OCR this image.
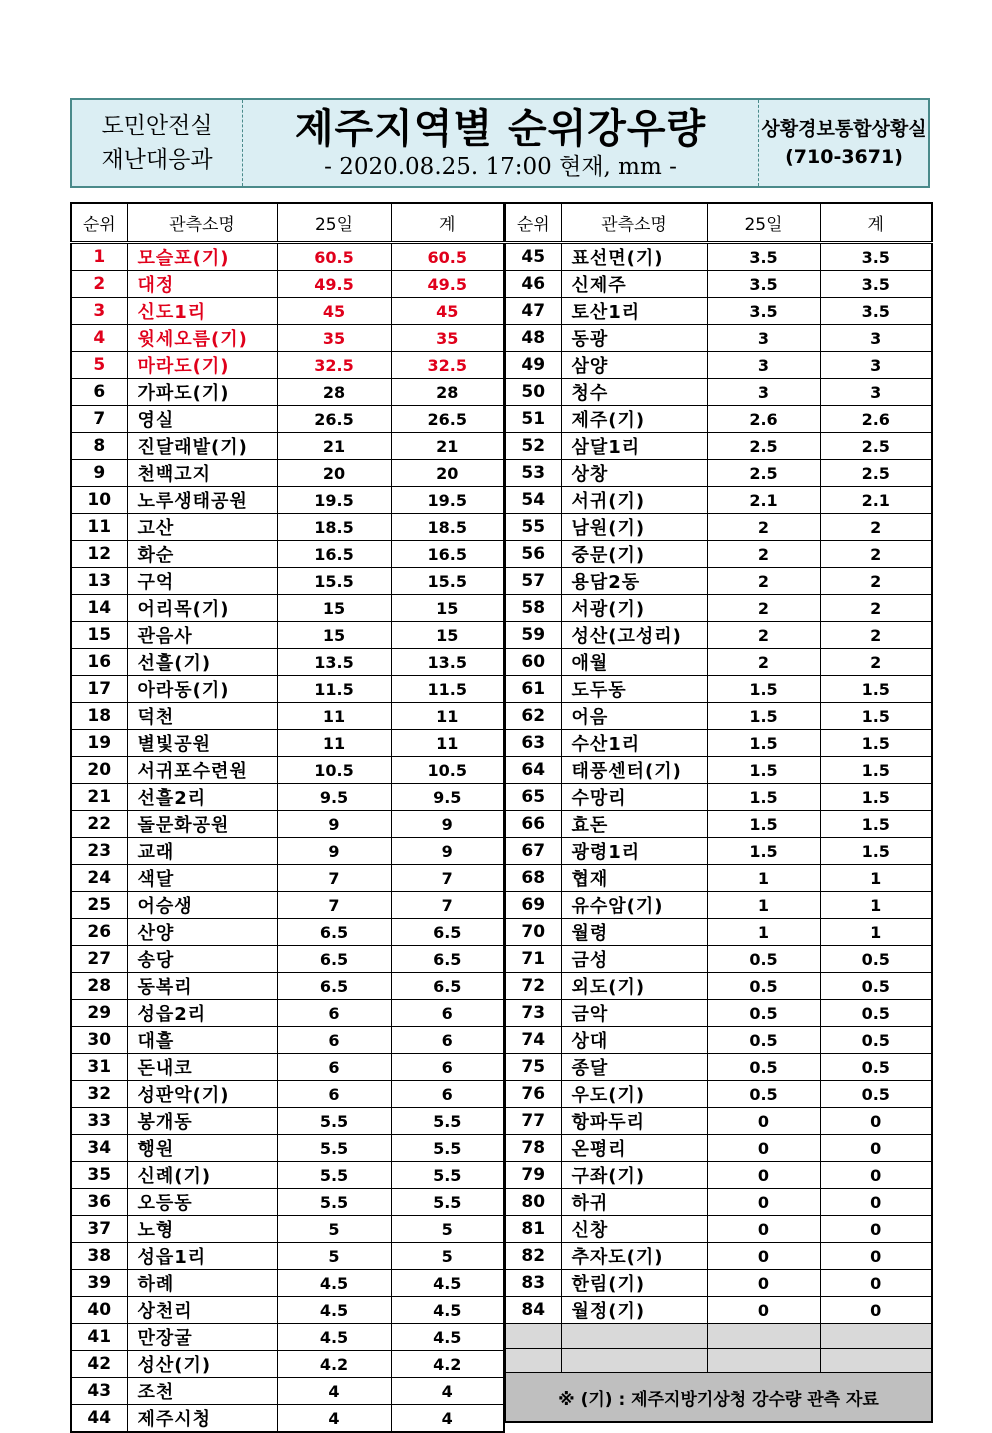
도민안전실
재난대응과
제주지역별 순위강우량
- 2020.08.25. 17:00 현재, mm -
상황경보통합상황실
(710-3671)
순위	관측소명	25일	계
1	모슬포(기)	60.5	60.5
2	대정	49.5	49.5
3	신도1리	45	45
4	윗세오름(기)	35	35
5	마라도(기)	32.5	32.5
6	가파도(기)	28	28
7	영실	26.5	26.5
8	진달래밭(기)	21	21
9	천백고지	20	20
10	노루생태공원	19.5	19.5
11	고산	18.5	18.5
12	화순	16.5	16.5
13	구억	15.5	15.5
14	어리목(기)	15	15
15	관음사	15	15
16	선흘(기)	13.5	13.5
17	아라동(기)	11.5	11.5
18	덕천	11	11
19	별빛공원	11	11
20	서귀포수련원	10.5	10.5
21	선흘2리	9.5	9.5
22	돌문화공원	9	9
23	교래	9	9
24	색달	7	7
25	어승생	7	7
26	산양	6.5	6.5
27	송당	6.5	6.5
28	동복리	6.5	6.5
29	성읍2리	6	6
30	대흘	6	6
31	돈내코	6	6
32	성판악(기)	6	6
33	봉개동	5.5	5.5
34	행원	5.5	5.5
35	신례(기)	5.5	5.5
36	오등동	5.5	5.5
37	노형	5	5
38	성읍1리	5	5
39	하례	4.5	4.5
40	상천리	4.5	4.5
41	만장굴	4.5	4.5
42	성산(기)	4.2	4.2
43	조천	4	4
44	제주시청	4	4
순위	관측소명	25일	계
45	표선면(기)	3.5	3.5
46	신제주	3.5	3.5
47	토산1리	3.5	3.5
48	동광	3	3
49	삼양	3	3
50	청수	3	3
51	제주(기)	2.6	2.6
52	삼달1리	2.5	2.5
53	상창	2.5	2.5
54	서귀(기)	2.1	2.1
55	남원(기)	2	2
56	중문(기)	2	2
57	용담2동	2	2
58	서광(기)	2	2
59	성산(고성리)	2	2
60	애월	2	2
61	도두동	1.5	1.5
62	어음	1.5	1.5
63	수산1리	1.5	1.5
64	태풍센터(기)	1.5	1.5
65	수망리	1.5	1.5
66	효돈	1.5	1.5
67	광령1리	1.5	1.5
68	협재	1	1
69	유수암(기)	1	1
70	월령	1	1
71	금성	0.5	0.5
72	외도(기)	0.5	0.5
73	금악	0.5	0.5
74	상대	0.5	0.5
75	종달	0.5	0.5
76	우도(기)	0.5	0.5
77	항파두리	0	0
78	온평리	0	0
79	구좌(기)	0	0
80	하귀	0	0
81	신창	0	0
82	추자도(기)	0	0
83	한림(기)	0	0
84	월정(기)	0	0

※ (기) : 제주지방기상청 강수량 관측 자료			
